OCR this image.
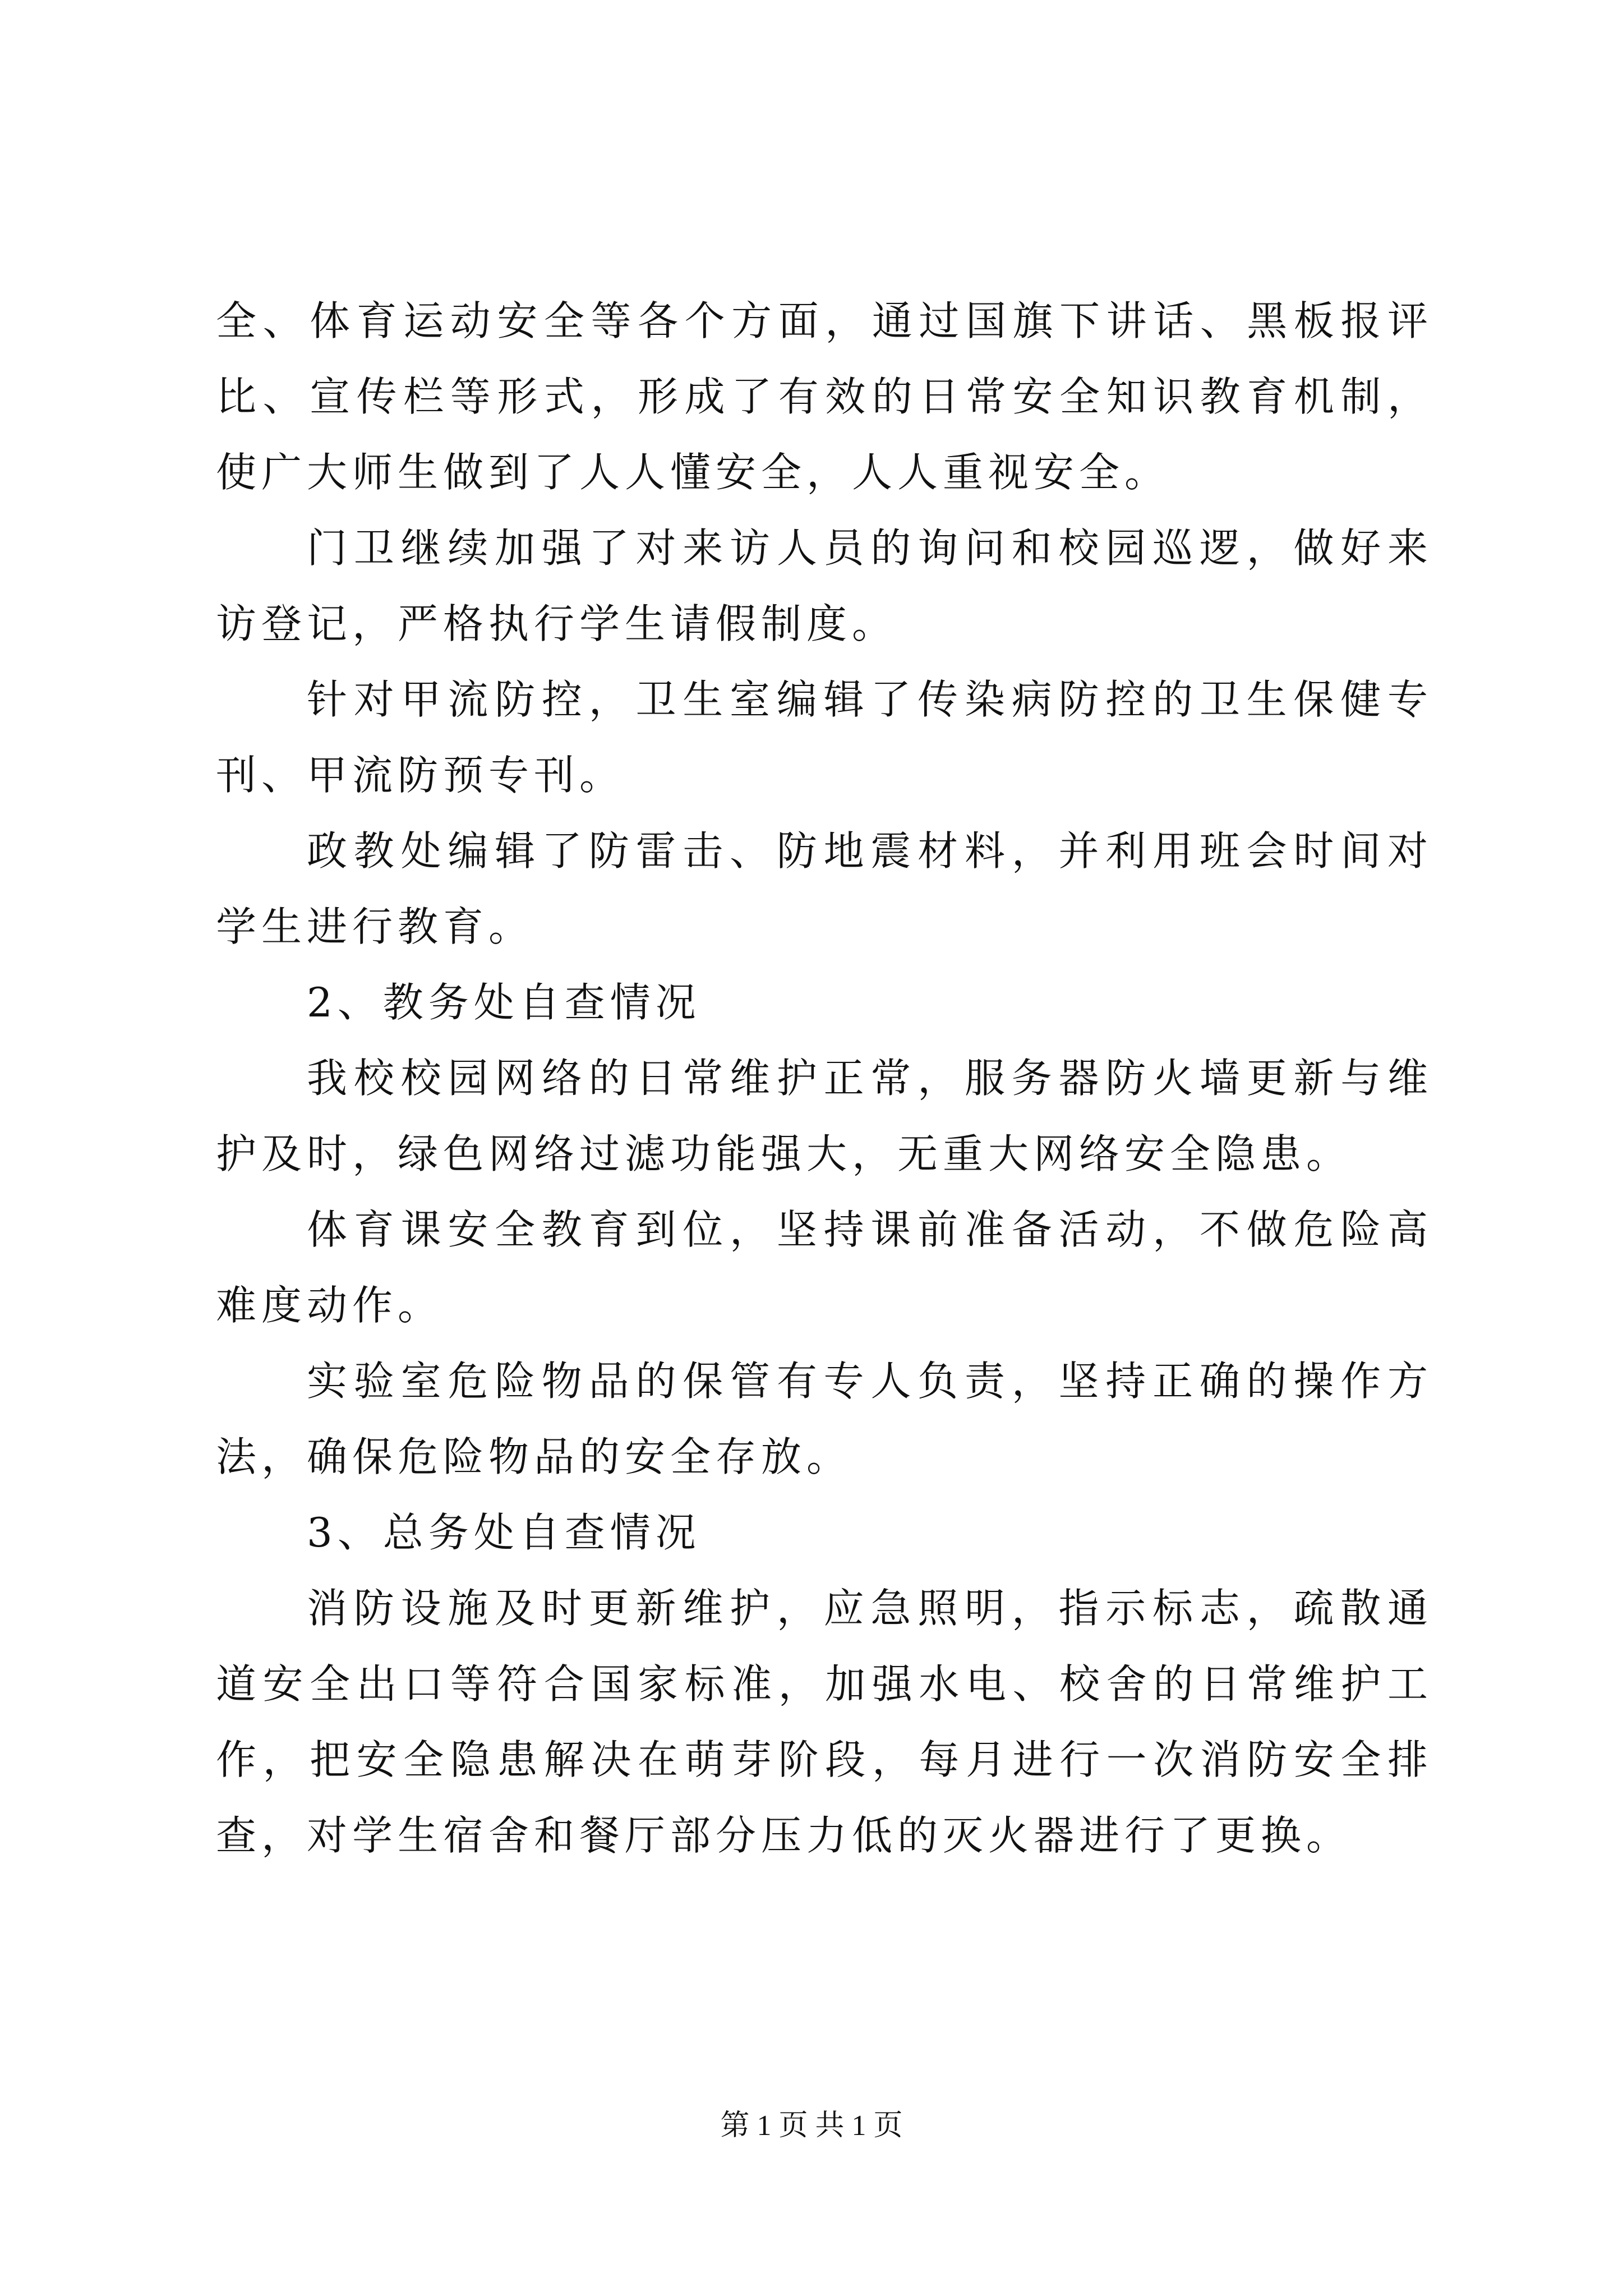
全、体育运动安全等各个方面，通过国旗下讲话、黑板报评比、宣传栏等形式，形成了有效的日常安全知识教育机制，使广大师生做到了人人懂安全，人人重视安全。

门卫继续加强了对来访人员的询问和校园巡逻，做好来访登记，严格执行学生请假制度。

针对甲流防控，卫生室编辑了传染病防控的卫生保健专刊、甲流防预专刊。

政教处编辑了防雷击、防地震材料，并利用班会时间对学生进行教育。

2、教务处自查情况

我校校园网络的日常维护正常，服务器防火墙更新与维护及时，绿色网络过滤功能强大，无重大网络安全隐患。

体育课安全教育到位，坚持课前准备活动，不做危险高难度动作。

实验室危险物品的保管有专人负责，坚持正确的操作方法，确保危险物品的安全存放。

3、总务处自查情况

消防设施及时更新维护，应急照明，指示标志，疏散通道安全出口等符合国家标准，加强水电、校舍的日常维护工作，把安全隐患解决在萌芽阶段，每月进行一次消防安全排查，对学生宿舍和餐厅部分压力低的灭火器进行了更换。

第 1 页 共 1 页
